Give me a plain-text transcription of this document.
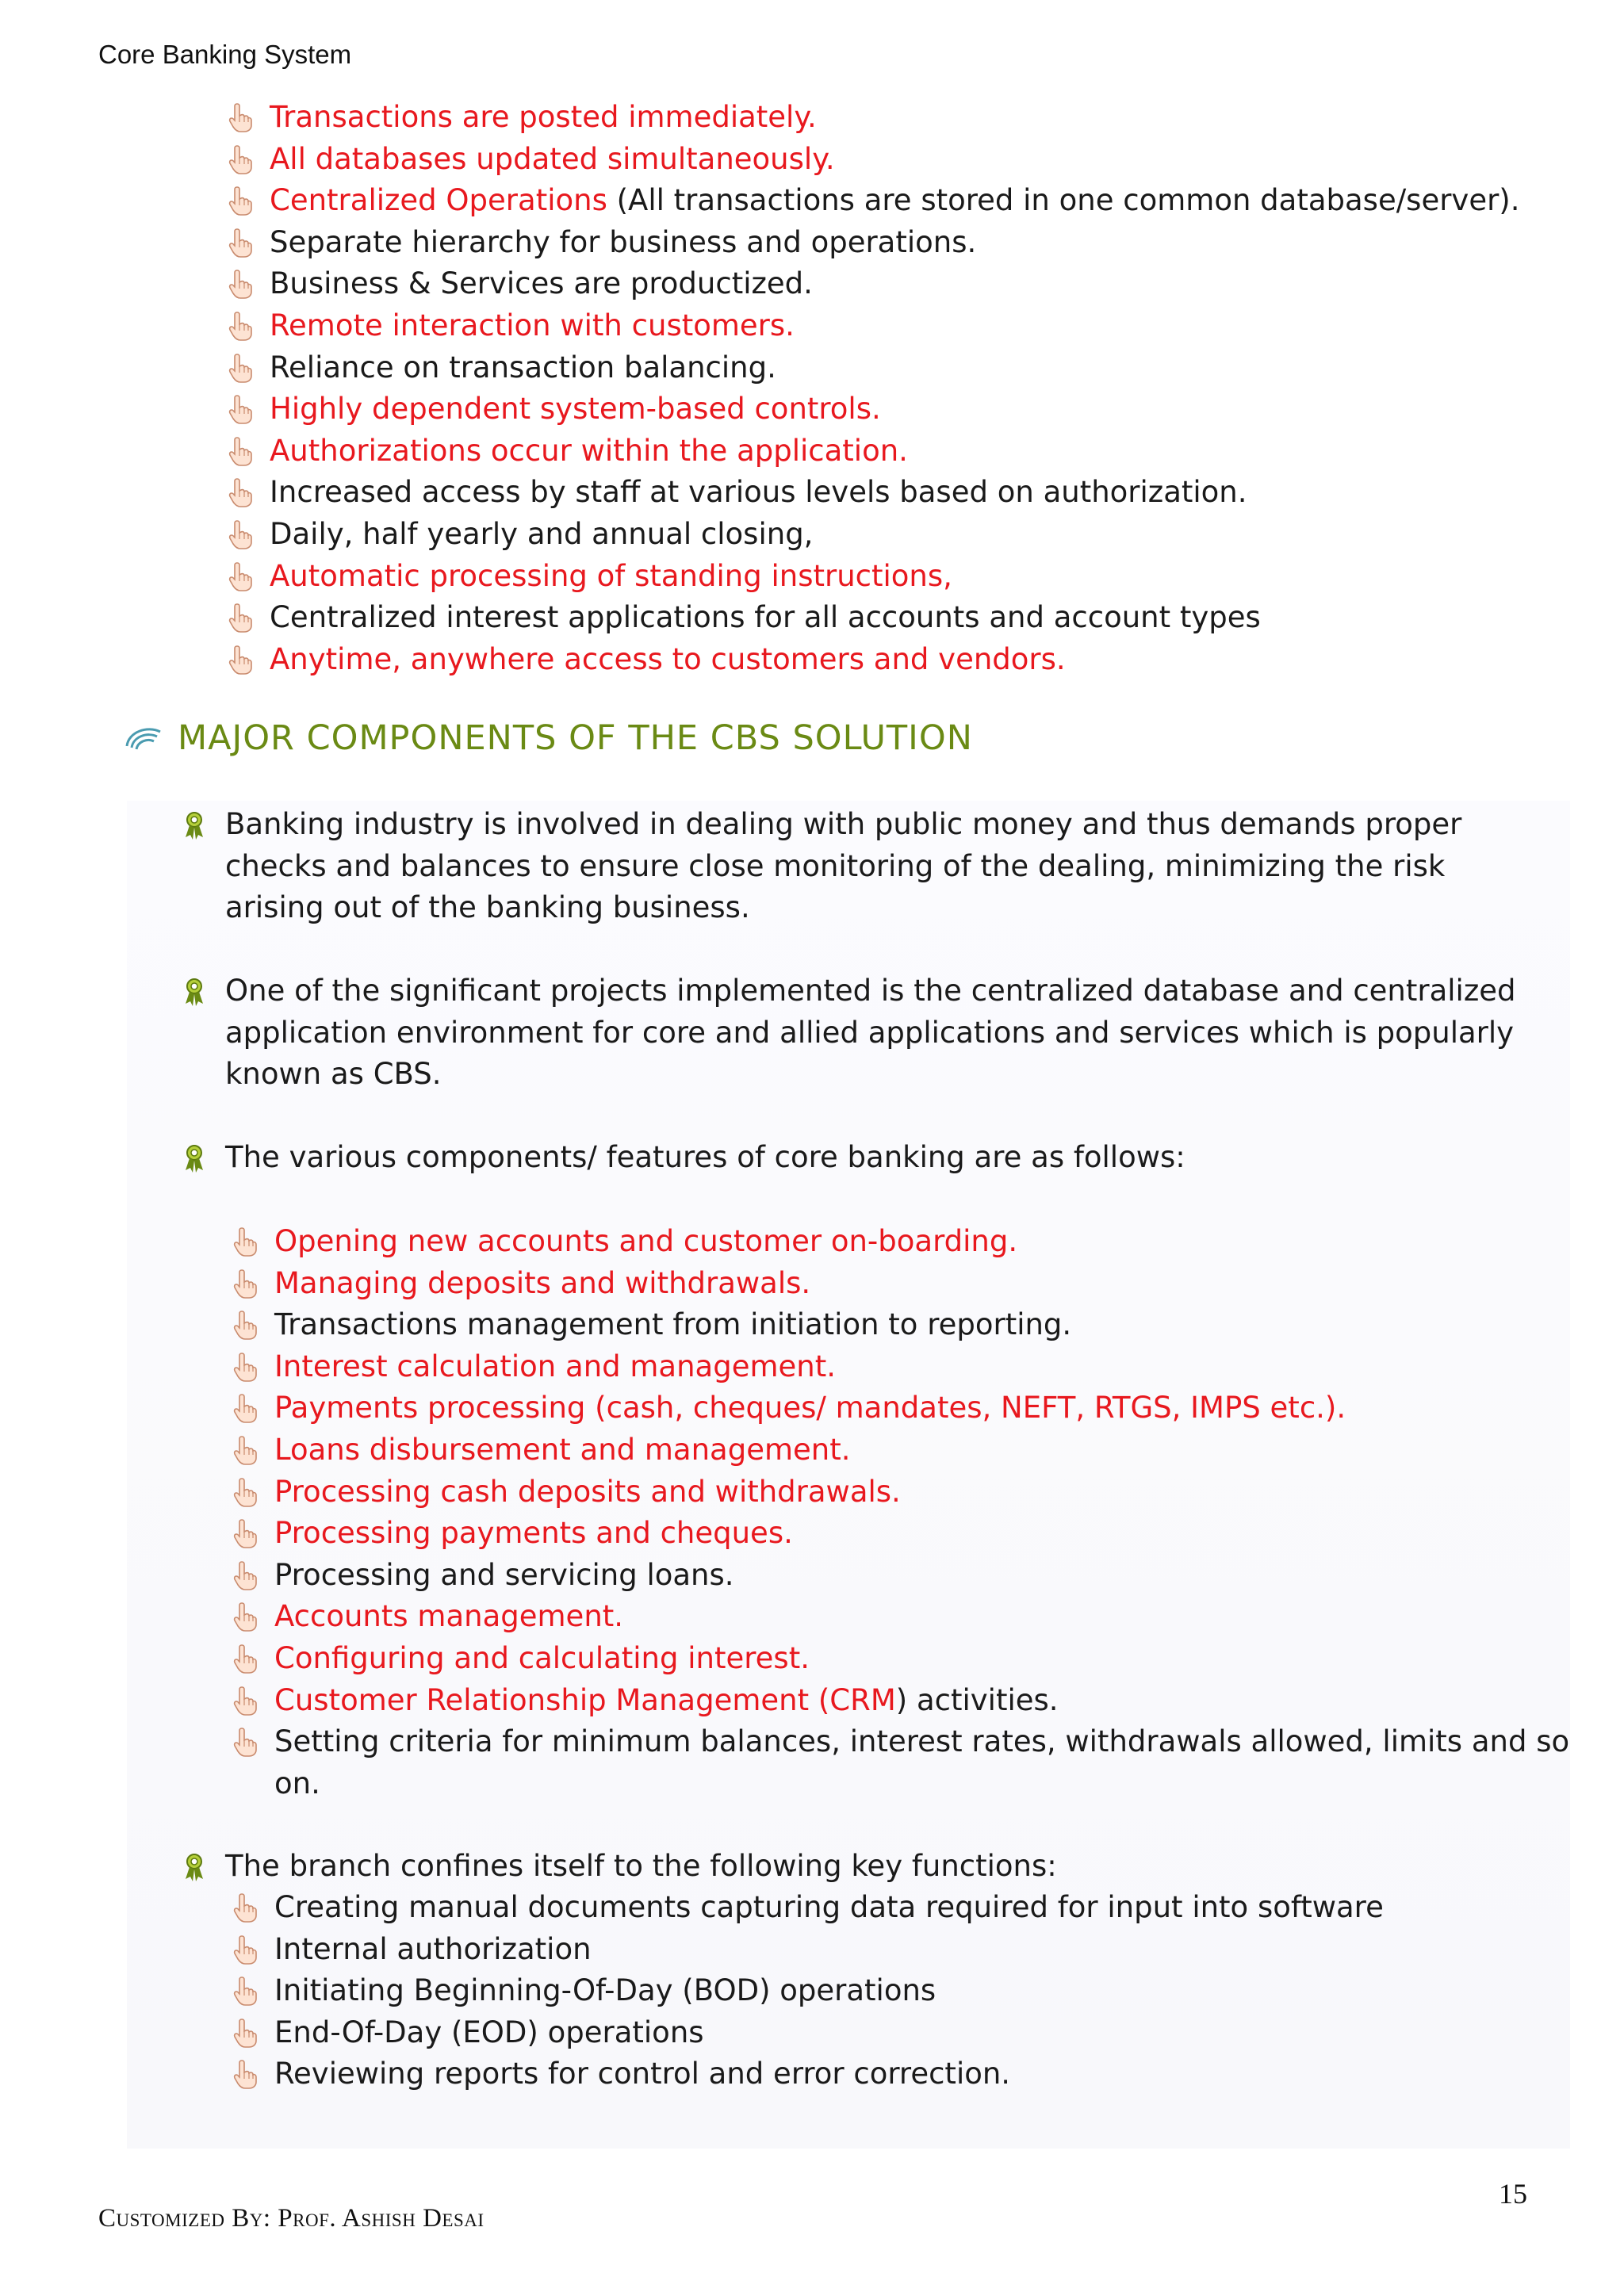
Core Banking System
Transactions are posted immediately.
All databases updated simultaneously.
Centralized Operations (All transactions are stored in one common database/server).
Separate hierarchy for business and operations.
Business & Services are productized.
Remote interaction with customers.
Reliance on transaction balancing.
Highly dependent system-based controls.
Authorizations occur within the application.
Increased access by staff at various levels based on authorization.
Daily, half yearly and annual closing,
Automatic processing of standing instructions,
Centralized interest applications for all accounts and account types
Anytime, anywhere access to customers and vendors.
MAJOR COMPONENTS OF THE CBS SOLUTION
Banking industry is involved in dealing with public money and thus demands proper checks and balances to ensure close monitoring of the dealing, minimizing the risk arising out of the banking business.
One of the significant projects implemented is the centralized database and centralized application environment for core and allied applications and services which is popularly known as CBS.
The various components/ features of core banking are as follows:
Opening new accounts and customer on-boarding.
Managing deposits and withdrawals.
Transactions management from initiation to reporting.
Interest calculation and management.
Payments processing (cash, cheques/ mandates, NEFT, RTGS, IMPS etc.).
Loans disbursement and management.
Processing cash deposits and withdrawals.
Processing payments and cheques.
Processing and servicing loans.
Accounts management.
Configuring and calculating interest.
Customer Relationship Management (CRM) activities.
Setting criteria for minimum balances, interest rates, withdrawals allowed, limits and so
on.
The branch confines itself to the following key functions:
Creating manual documents capturing data required for input into software
Internal authorization
Initiating Beginning-Of-Day (BOD) operations
End-Of-Day (EOD) operations
Reviewing reports for control and error correction.
Customized By: Prof. Ashish Desai
15
